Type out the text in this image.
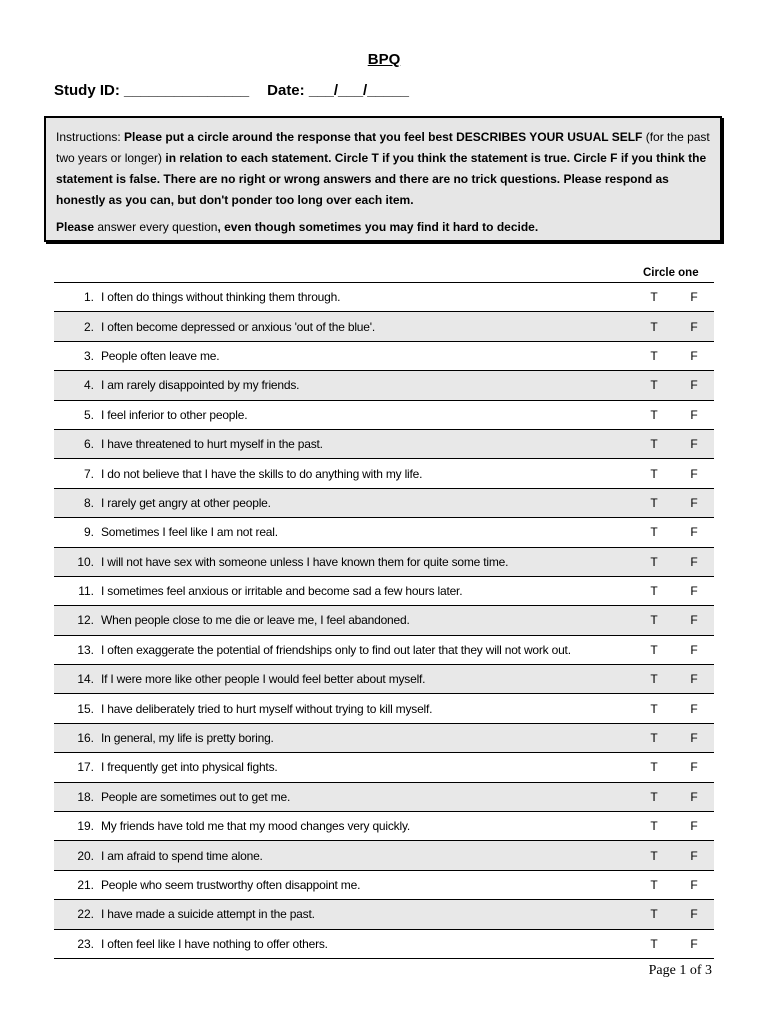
BPQ
Study ID: _______________ Date: ___/___/_____

Instructions: Please put a circle around the response that you feel best DESCRIBES YOUR USUAL SELF (for the past two years or longer) in relation to each statement. Circle T if you think the statement is true. Circle F if you think the statement is false. There are no right or wrong answers and there are no trick questions. Please respond as honestly as you can, but don't ponder too long over each item.

Please answer every question, even though sometimes you may find it hard to decide.

Circle one
1. I often do things without thinking them through.	T	F
2. I often become depressed or anxious 'out of the blue'.	T	F
3. People often leave me.	T	F
4. I am rarely disappointed by my friends.	T	F
5. I feel inferior to other people.	T	F
6. I have threatened to hurt myself in the past.	T	F
7. I do not believe that I have the skills to do anything with my life.	T	F
8. I rarely get angry at other people.	T	F
9. Sometimes I feel like I am not real.	T	F
10. I will not have sex with someone unless I have known them for quite some time.	T	F
11. I sometimes feel anxious or irritable and become sad a few hours later.	T	F
12. When people close to me die or leave me, I feel abandoned.	T	F
13. I often exaggerate the potential of friendships only to find out later that they will not work out.	T	F
14. If I were more like other people I would feel better about myself.	T	F
15. I have deliberately tried to hurt myself without trying to kill myself.	T	F
16. In general, my life is pretty boring.	T	F
17. I frequently get into physical fights.	T	F
18. People are sometimes out to get me.	T	F
19. My friends have told me that my mood changes very quickly.	T	F
20. I am afraid to spend time alone.	T	F
21. People who seem trustworthy often disappoint me.	T	F
22. I have made a suicide attempt in the past.	T	F
23. I often feel like I have nothing to offer others.	T	F
Page 1 of 3
